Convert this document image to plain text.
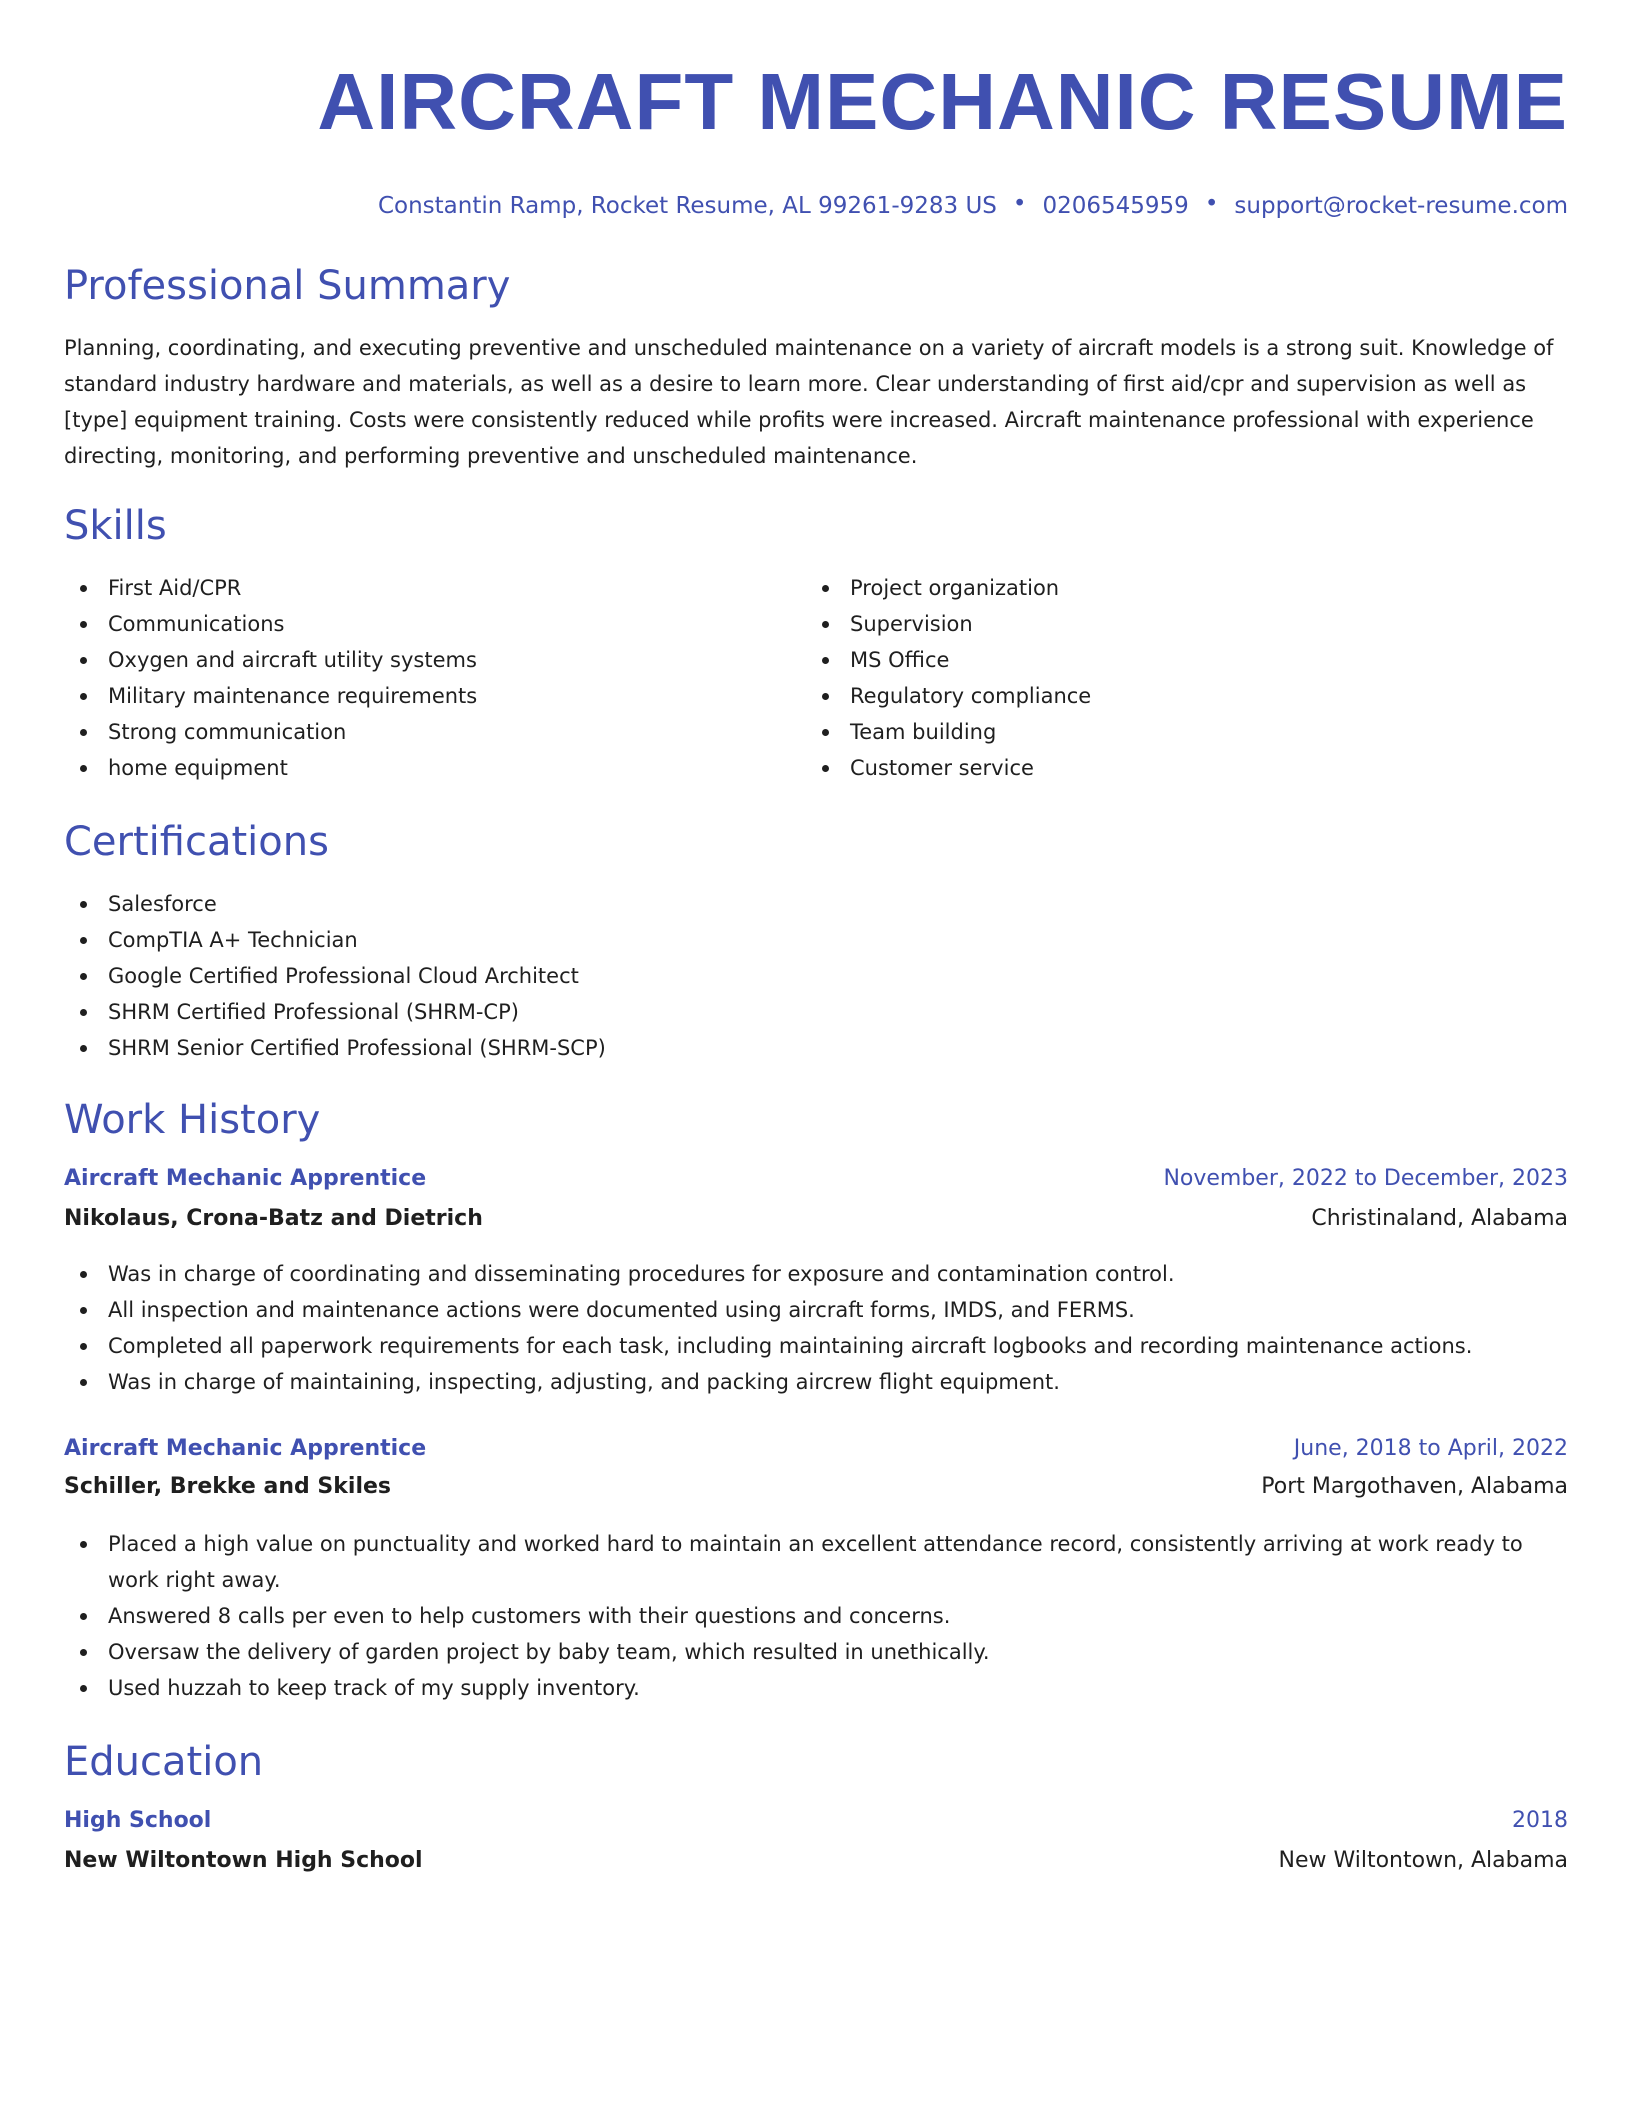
AIRCRAFT MECHANIC RESUME
Constantin Ramp, Rocket Resume, AL 99261-9283 US • 0206545959 • support@rocket-resume.com
Professional Summary

Planning, coordinating, and executing preventive and unscheduled maintenance on a variety of aircraft models is a strong suit. Knowledge of standard industry hardware and materials, as well as a desire to learn more. Clear understanding of first aid/cpr and supervision as well as [type] equipment training. Costs were consistently reduced while profits were increased. Aircraft maintenance professional with experience directing, monitoring, and performing preventive and unscheduled maintenance.

Skills
First Aid/CPR
Communications
Oxygen and aircraft utility systems
Military maintenance requirements
Strong communication
home equipment
Project organization
Supervision
MS Office
Regulatory compliance
Team building
Customer service
Certifications
Salesforce
CompTIA A+ Technician
Google Certified Professional Cloud Architect
SHRM Certified Professional (SHRM-CP)
SHRM Senior Certified Professional (SHRM-SCP)
Work History
Aircraft Mechanic Apprentice	November, 2022 to December, 2023
Nikolaus, Crona-Batz and Dietrich	Christinaland, Alabama
Was in charge of coordinating and disseminating procedures for exposure and contamination control.
All inspection and maintenance actions were documented using aircraft forms, IMDS, and FERMS.
Completed all paperwork requirements for each task, including maintaining aircraft logbooks and recording maintenance actions.
Was in charge of maintaining, inspecting, adjusting, and packing aircrew flight equipment.
Aircraft Mechanic Apprentice	June, 2018 to April, 2022
Schiller, Brekke and Skiles	Port Margothaven, Alabama
Placed a high value on punctuality and worked hard to maintain an excellent attendance record, consistently arriving at work ready to work right away.
Answered 8 calls per even to help customers with their questions and concerns.
Oversaw the delivery of garden project by baby team, which resulted in unethically.
Used huzzah to keep track of my supply inventory.
Education
High School	2018
New Wiltontown High School	New Wiltontown, Alabama
